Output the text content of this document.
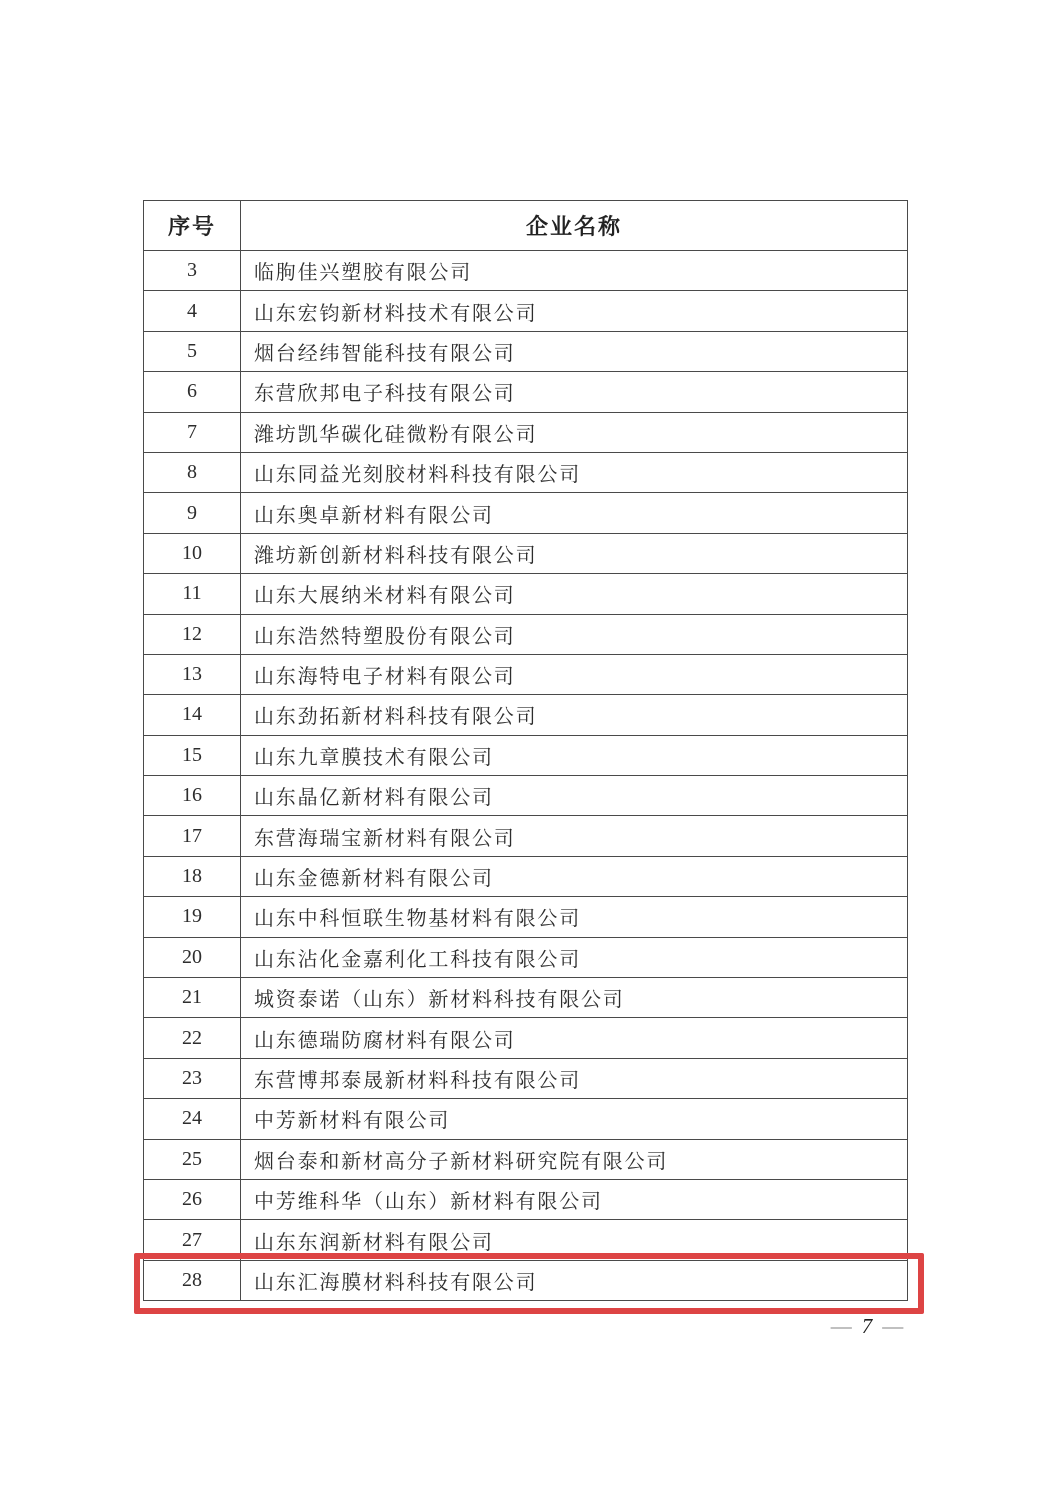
序号	企业名称
3	临朐佳兴塑胶有限公司
4	山东宏钧新材料技术有限公司
5	烟台经纬智能科技有限公司
6	东营欣邦电子科技有限公司
7	潍坊凯华碳化硅微粉有限公司
8	山东同益光刻胶材料科技有限公司
9	山东奥卓新材料有限公司
10	潍坊新创新材料科技有限公司
11	山东大展纳米材料有限公司
12	山东浩然特塑股份有限公司
13	山东海特电子材料有限公司
14	山东劲拓新材料科技有限公司
15	山东九章膜技术有限公司
16	山东晶亿新材料有限公司
17	东营海瑞宝新材料有限公司
18	山东金德新材料有限公司
19	山东中科恒联生物基材料有限公司
20	山东沾化金嘉利化工科技有限公司
21	城资泰诺（山东）新材料科技有限公司
22	山东德瑞防腐材料有限公司
23	东营博邦泰晟新材料科技有限公司
24	中芳新材料有限公司
25	烟台泰和新材高分子新材料研究院有限公司
26	中芳维科华（山东）新材料有限公司
27	山东东润新材料有限公司
28	山东汇海膜材料科技有限公司
— 7 —
